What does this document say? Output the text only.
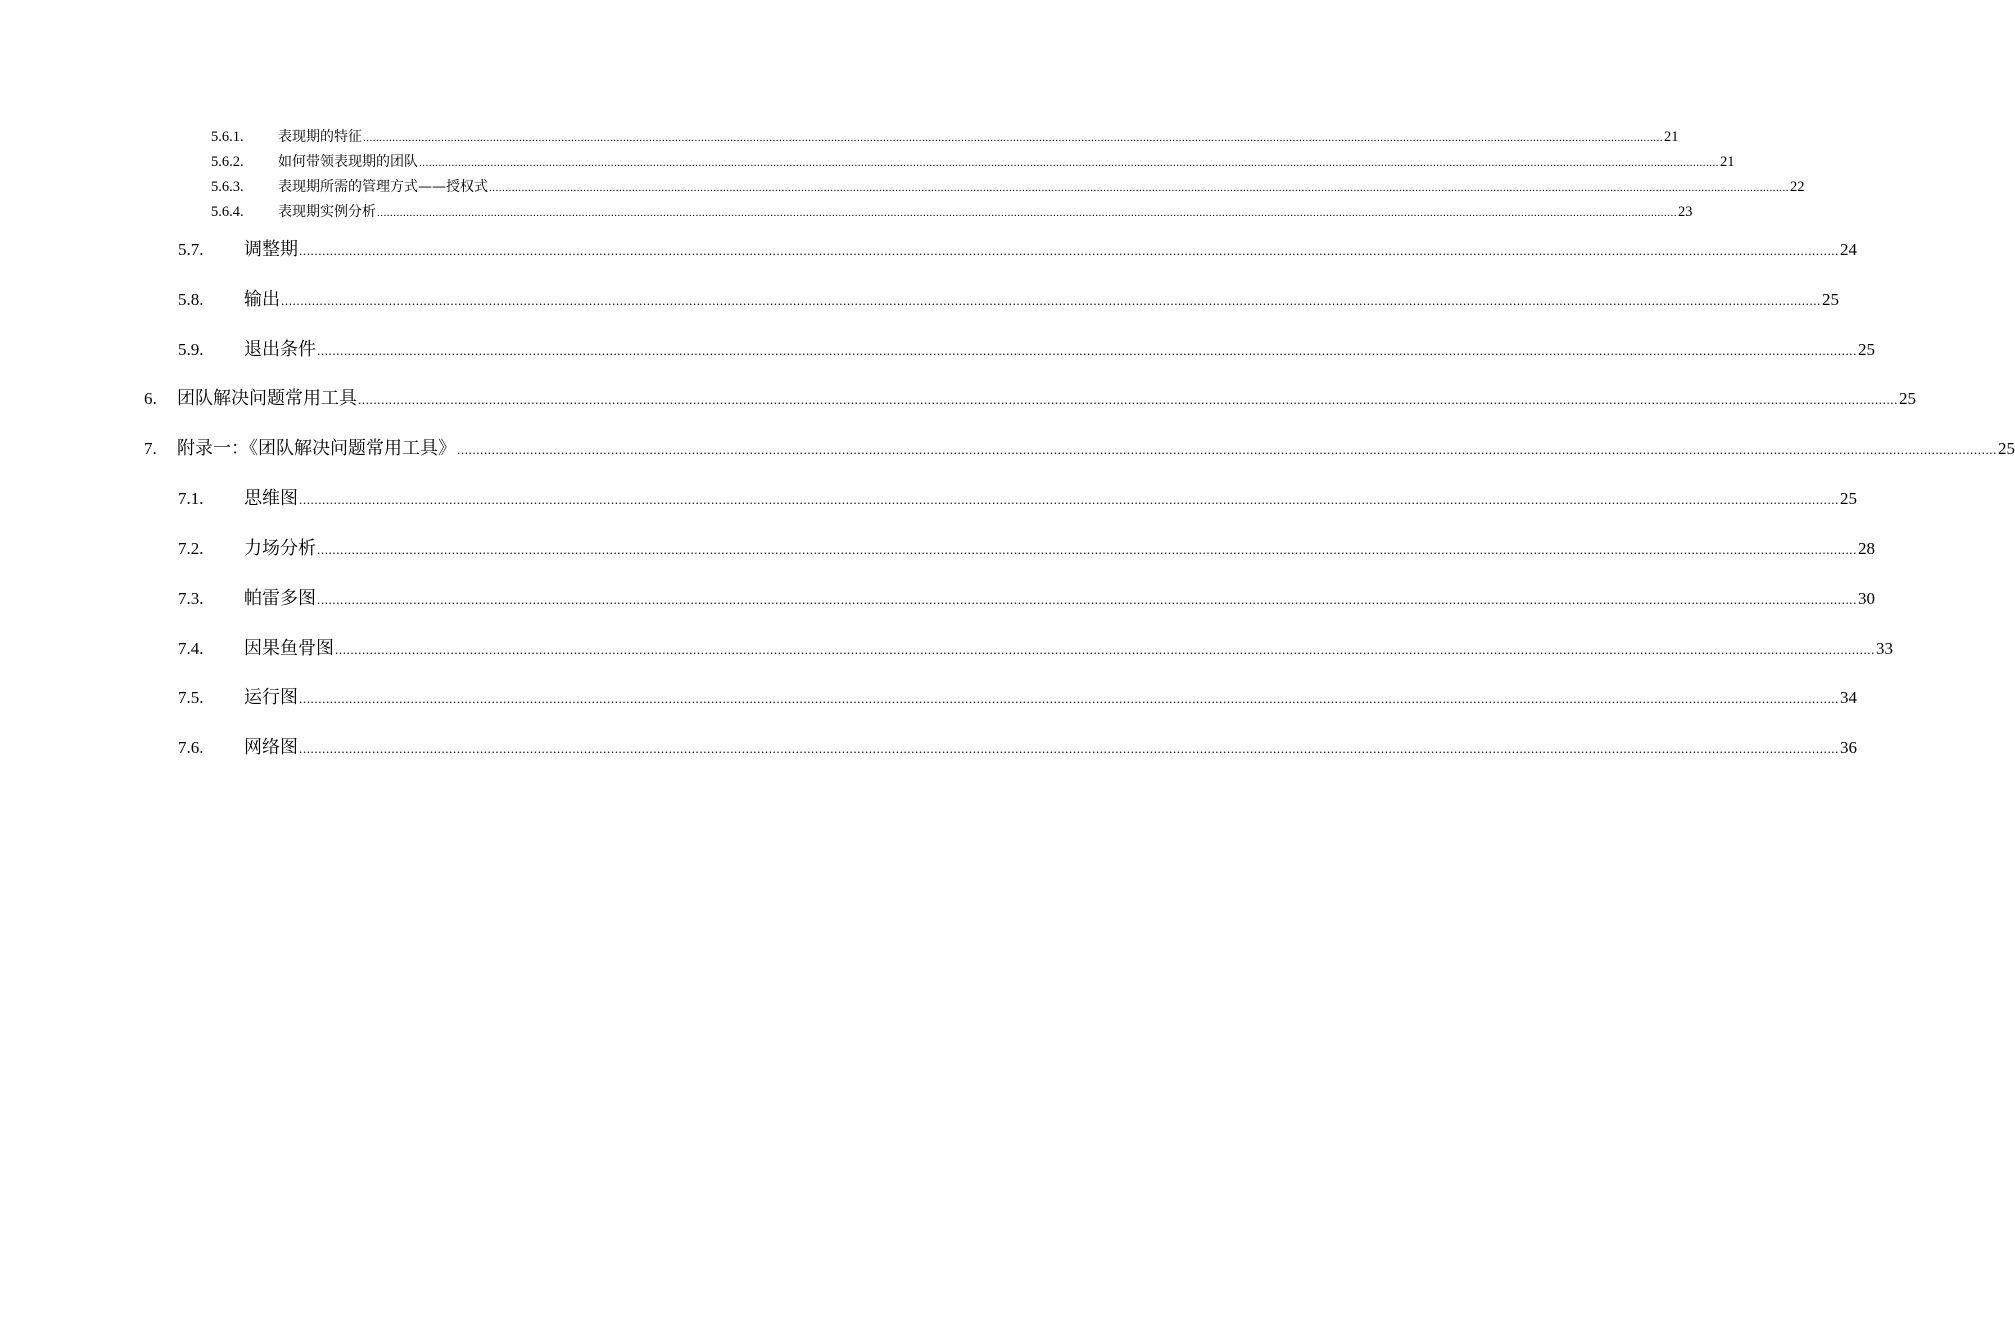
5.6.1.	表现期的特征 ................................................................................................................................................................................................................................................................................................................................................................................................................ 21
5.6.2.	如何带领表现期的团队 ................................................................................................................................................................................................................................................................................................................................................................................................................ 21
5.6.3.	表现期所需的管理方式——授权式 ................................................................................................................................................................................................................................................................................................................................................................................................................ 22
5.6.4.	表现期实例分析 ................................................................................................................................................................................................................................................................................................................................................................................................................ 23
5.7.	调整期 ................................................................................................................................................................................................................................................................................................................................................................................................................ 24
5.8.	输出 ................................................................................................................................................................................................................................................................................................................................................................................................................ 25
5.9.	退出条件 ................................................................................................................................................................................................................................................................................................................................................................................................................ 25
6.	团队解决问题常用工具 ................................................................................................................................................................................................................................................................................................................................................................................................................ 25
7.	附录一：《团队解决问题常用工具》 ................................................................................................................................................................................................................................................................................................................................................................................................................ 25
7.1.	思维图 ................................................................................................................................................................................................................................................................................................................................................................................................................ 25
7.2.	力场分析 ................................................................................................................................................................................................................................................................................................................................................................................................................ 28
7.3.	帕雷多图 ................................................................................................................................................................................................................................................................................................................................................................................................................ 30
7.4.	因果鱼骨图 ................................................................................................................................................................................................................................................................................................................................................................................................................ 33
7.5.	运行图 ................................................................................................................................................................................................................................................................................................................................................................................................................ 34
7.6.	网络图 ................................................................................................................................................................................................................................................................................................................................................................................................................ 36
